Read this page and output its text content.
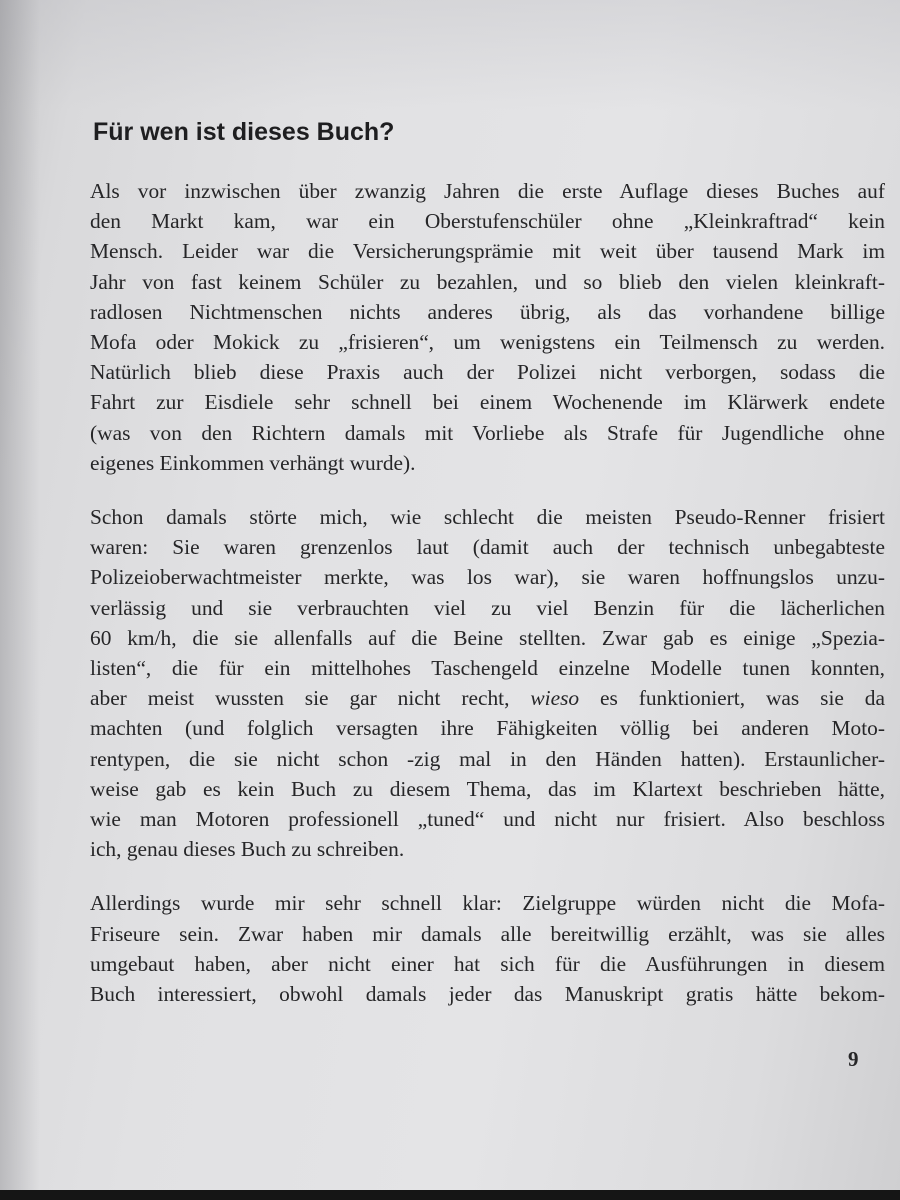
Für wen ist dieses Buch?

Als vor inzwischen über zwanzig Jahren die erste Auflage dieses Buches auf
den Markt kam, war ein Oberstufenschüler ohne „Kleinkraftrad“ kein
Mensch. Leider war die Versicherungsprämie mit weit über tausend Mark im
Jahr von fast keinem Schüler zu bezahlen, und so blieb den vielen kleinkraft-
radlosen Nichtmenschen nichts anderes übrig, als das vorhandene billige
Mofa oder Mokick zu „frisieren“, um wenigstens ein Teilmensch zu werden.
Natürlich blieb diese Praxis auch der Polizei nicht verborgen, sodass die
Fahrt zur Eisdiele sehr schnell bei einem Wochenende im Klärwerk endete
(was von den Richtern damals mit Vorliebe als Strafe für Jugendliche ohne
eigenes Einkommen verhängt wurde).

Schon damals störte mich, wie schlecht die meisten Pseudo-Renner frisiert
waren: Sie waren grenzenlos laut (damit auch der technisch unbegabteste
Polizeioberwachtmeister merkte, was los war), sie waren hoffnungslos unzu-
verlässig und sie verbrauchten viel zu viel Benzin für die lächerlichen
60 km/h, die sie allenfalls auf die Beine stellten. Zwar gab es einige „Spezia-
listen“, die für ein mittelhohes Taschengeld einzelne Modelle tunen konnten,
aber meist wussten sie gar nicht recht, wieso es funktioniert, was sie da
machten (und folglich versagten ihre Fähigkeiten völlig bei anderen Moto-
rentypen, die sie nicht schon -zig mal in den Händen hatten). Erstaunlicher-
weise gab es kein Buch zu diesem Thema, das im Klartext beschrieben hätte,
wie man Motoren professionell „tuned“ und nicht nur frisiert. Also beschloss
ich, genau dieses Buch zu schreiben.

Allerdings wurde mir sehr schnell klar: Zielgruppe würden nicht die Mofa-
Friseure sein. Zwar haben mir damals alle bereitwillig erzählt, was sie alles
umgebaut haben, aber nicht einer hat sich für die Ausführungen in diesem
Buch interessiert, obwohl damals jeder das Manuskript gratis hätte bekom-

9
